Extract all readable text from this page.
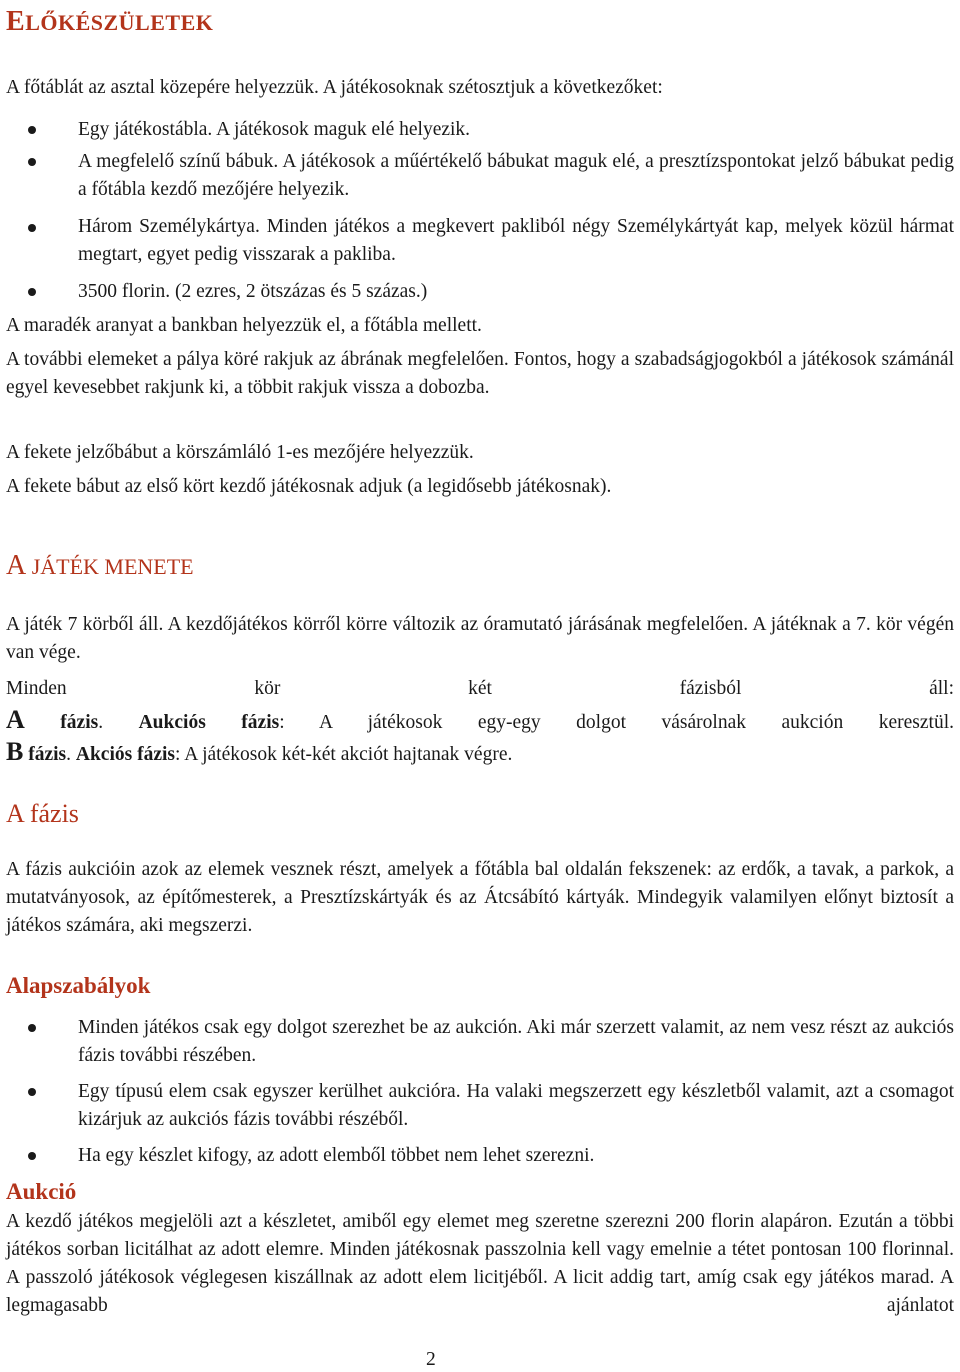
ELŐKÉSZÜLETEK

A főtáblát az asztal közepére helyezzük. A játékosoknak szétosztjuk a következőket:

Egy játékostábla. A játékosok maguk elé helyezik.

A megfelelő színű bábuk. A játékosok a műértékelő bábukat maguk elé, a presztízspontokat jelző bábukat pedig a főtábla kezdő mezőjére helyezik.

Három Személykártya. Minden játékos a megkevert pakliból négy Személykártyát kap, melyek közül hármat megtart, egyet pedig visszarak a pakliba.

3500 florin. (2 ezres, 2 ötszázas és 5 százas.)

A maradék aranyat a bankban helyezzük el, a főtábla mellett.

A további elemeket a pálya köré rakjuk az ábrának megfelelően. Fontos, hogy a szabadságjogokból a játékosok számánál egyel kevesebbet rakjunk ki, a többit rakjuk vissza a dobozba.

A fekete jelzőbábut a körszámláló 1-es mezőjére helyezzük.

A fekete bábut az első kört kezdő játékosnak adjuk (a legidősebb játékosnak).

A JÁTÉK MENETE

A játék 7 körből áll. A kezdőjátékos körről körre változik az óramutató járásának megfelelően. A játéknak a 7. kör végén van vége.

Minden kör két fázisból áll:

A fázis. Aukciós fázis: A játékosok egy-egy dolgot vásárolnak aukción keresztül.

B fázis. Akciós fázis: A játékosok két-két akciót hajtanak végre.

A fázis

A fázis aukcióin azok az elemek vesznek részt, amelyek a főtábla bal oldalán fekszenek: az erdők, a tavak, a parkok, a mutatványosok, az építőmesterek, a Presztízskártyák és az Átcsábító kártyák. Mindegyik valamilyen előnyt biztosít a játékos számára, aki megszerzi.

Alapszabályok

Minden játékos csak egy dolgot szerezhet be az aukción. Aki már szerzett valamit, az nem vesz részt az aukciós fázis további részében.

Egy típusú elem csak egyszer kerülhet aukcióra. Ha valaki megszerzett egy készletből valamit, azt a csomagot kizárjuk az aukciós fázis további részéből.

Ha egy készlet kifogy, az adott elemből többet nem lehet szerezni.

Aukció

A kezdő játékos megjelöli azt a készletet, amiből egy elemet meg szeretne szerezni 200 florin alapáron. Ezután a többi játékos sorban licitálhat az adott elemre. Minden játékosnak passzolnia kell vagy emelnie a tétet pontosan 100 florinnal. A passzoló játékosok véglegesen kiszállnak az adott elem licitjéből. A licit addig tart, amíg csak egy játékos marad. A legmagasabb ajánlatot

2
